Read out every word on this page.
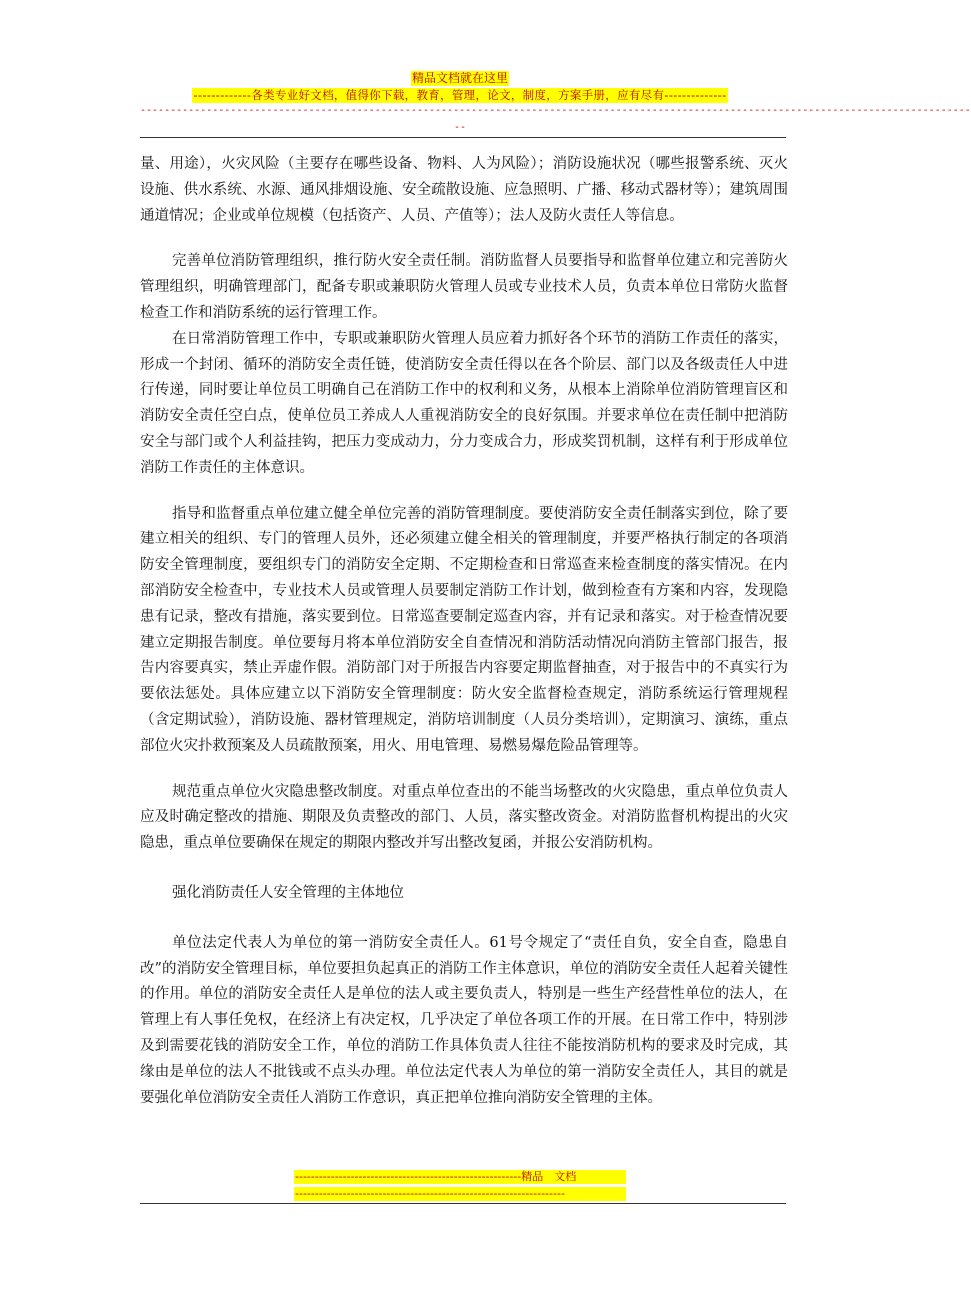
精品文档就在这里
-------------各类专业好文档，值得你下载，教育，管理，论文，制度，方案手册，应有尽有--------------
------------------------------------------------------------------------------------------------------------------------------------------
--

量、用途），火灾风险（主要存在哪些设备、物料、人为风险）；消防设施状况（哪些报警系统、灭火设施、供水系统、水源、通风排烟设施、安全疏散设施、应急照明、广播、移动式器材等）；建筑周围通道情况；企业或单位规模（包括资产、人员、产值等）；法人及防火责任人等信息。

完善单位消防管理组织，推行防火安全责任制。消防监督人员要指导和监督单位建立和完善防火管理组织，明确管理部门，配备专职或兼职防火管理人员或专业技术人员，负责本单位日常防火监督检查工作和消防系统的运行管理工作。

在日常消防管理工作中，专职或兼职防火管理人员应着力抓好各个环节的消防工作责任的落实，形成一个封闭、循环的消防安全责任链，使消防安全责任得以在各个阶层、部门以及各级责任人中进行传递，同时要让单位员工明确自己在消防工作中的权利和义务，从根本上消除单位消防管理盲区和消防安全责任空白点，使单位员工养成人人重视消防安全的良好氛围。并要求单位在责任制中把消防安全与部门或个人利益挂钩，把压力变成动力，分力变成合力，形成奖罚机制，这样有利于形成单位消防工作责任的主体意识。

指导和监督重点单位建立健全单位完善的消防管理制度。要使消防安全责任制落实到位，除了要建立相关的组织、专门的管理人员外，还必须建立健全相关的管理制度，并要严格执行制定的各项消防安全管理制度，要组织专门的消防安全定期、不定期检查和日常巡查来检查制度的落实情况。在内部消防安全检查中，专业技术人员或管理人员要制定消防工作计划，做到检查有方案和内容，发现隐患有记录，整改有措施，落实要到位。日常巡查要制定巡查内容，并有记录和落实。对于检查情况要建立定期报告制度。单位要每月将本单位消防安全自查情况和消防活动情况向消防主管部门报告，报告内容要真实，禁止弄虚作假。消防部门对于所报告内容要定期监督抽查，对于报告中的不真实行为要依法惩处。具体应建立以下消防安全管理制度：防火安全监督检查规定，消防系统运行管理规程（含定期试验），消防设施、器材管理规定，消防培训制度（人员分类培训），定期演习、演练，重点部位火灾扑救预案及人员疏散预案，用火、用电管理、易燃易爆危险品管理等。

规范重点单位火灾隐患整改制度。对重点单位查出的不能当场整改的火灾隐患，重点单位负责人应及时确定整改的措施、期限及负责整改的部门、人员，落实整改资金。对消防监督机构提出的火灾隐患，重点单位要确保在规定的期限内整改并写出整改复函，并报公安消防机构。

强化消防责任人安全管理的主体地位

单位法定代表人为单位的第一消防安全责任人。61号令规定了“责任自负，安全自查，隐患自改”的消防安全管理目标，单位要担负起真正的消防工作主体意识，单位的消防安全责任人起着关键性的作用。单位的消防安全责任人是单位的法人或主要负责人，特别是一些生产经营性单位的法人，在管理上有人事任免权，在经济上有决定权，几乎决定了单位各项工作的开展。在日常工作中，特别涉及到需要花钱的消防安全工作，单位的消防工作具体负责人往往不能按消防机构的要求及时完成，其缘由是单位的法人不批钱或不点头办理。单位法定代表人为单位的第一消防安全责任人，其目的就是要强化单位消防安全责任人消防工作意识，真正把单位推向消防安全管理的主体。

---------------------------------------------------------精品　文档
--------------------------------------------------------------------
